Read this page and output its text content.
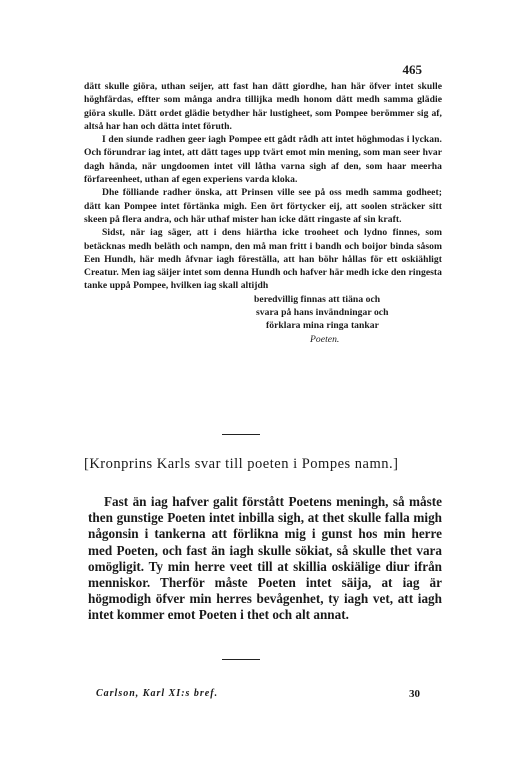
465

dätt skulle giöra, uthan seijer, att fast han dätt giordhe, han här öfver intet skulle höghfärdas, effter som många andra tillijka medh honom dätt medh samma glädie giöra skulle. Dätt ordet glädie betydher här lustigheet, som Pompee berömmer sig af, altså har han och dätta intet föruth.

I den siunde radhen geer iagh Pompee ett gådt rådh att intet höghmodas i lyckan. Och förundrar iag intet, att dätt tages upp tvärt emot min mening, som man seer hvar dagh hända, när ungdoomen intet vill låtha varna sigh af den, som haar meerha förfareenheet, uthan af egen experiens varda kloka.

Dhe fölliande radher önska, att Prinsen ville see på oss medh samma godheet; dätt kan Pompee intet förtänka migh. Een ört förtycker eij, att soolen sträcker sitt skeen på flera andra, och här uthaf mister han icke dätt ringaste af sin kraft.

Sidst, när iag säger, att i dens hiärtha icke trooheet och lydno finnes, som betäcknas medh beläth och nampn, den må man fritt i bandh och boijor binda såsom Een Hundh, här medh åfvnar iagh föreställa, att han böhr hållas för ett oskiähligt Creatur. Men iag säijer intet som denna Hundh och hafver här medh icke den ringesta tanke uppå Pompee, hvilken iag skall altijdh

beredvillig finnas att tiäna och
svara på hans invändningar och
förklara mina ringa tankar
Poeten.
[Kronprins Karls svar till poeten i Pompes namn.]

Fast än iag hafver galit förstått Poetens meningh, så måste then gunstige Poeten intet inbilla sigh, at thet skulle falla migh någonsin i tankerna att förlikna mig i gunst hos min herre med Poeten, och fast än iagh skulle sökiat, så skulle thet vara omögligit. Ty min herre veet till at skillia oskiälige diur ifrån menniskor. Therför måste Poeten intet säija, at iag är högmodigh öfver min herres bevågenhet, ty iagh vet, att iagh intet kommer emot Poeten i thet och alt annat.

Carlson, Karl XI:s bref.	30
